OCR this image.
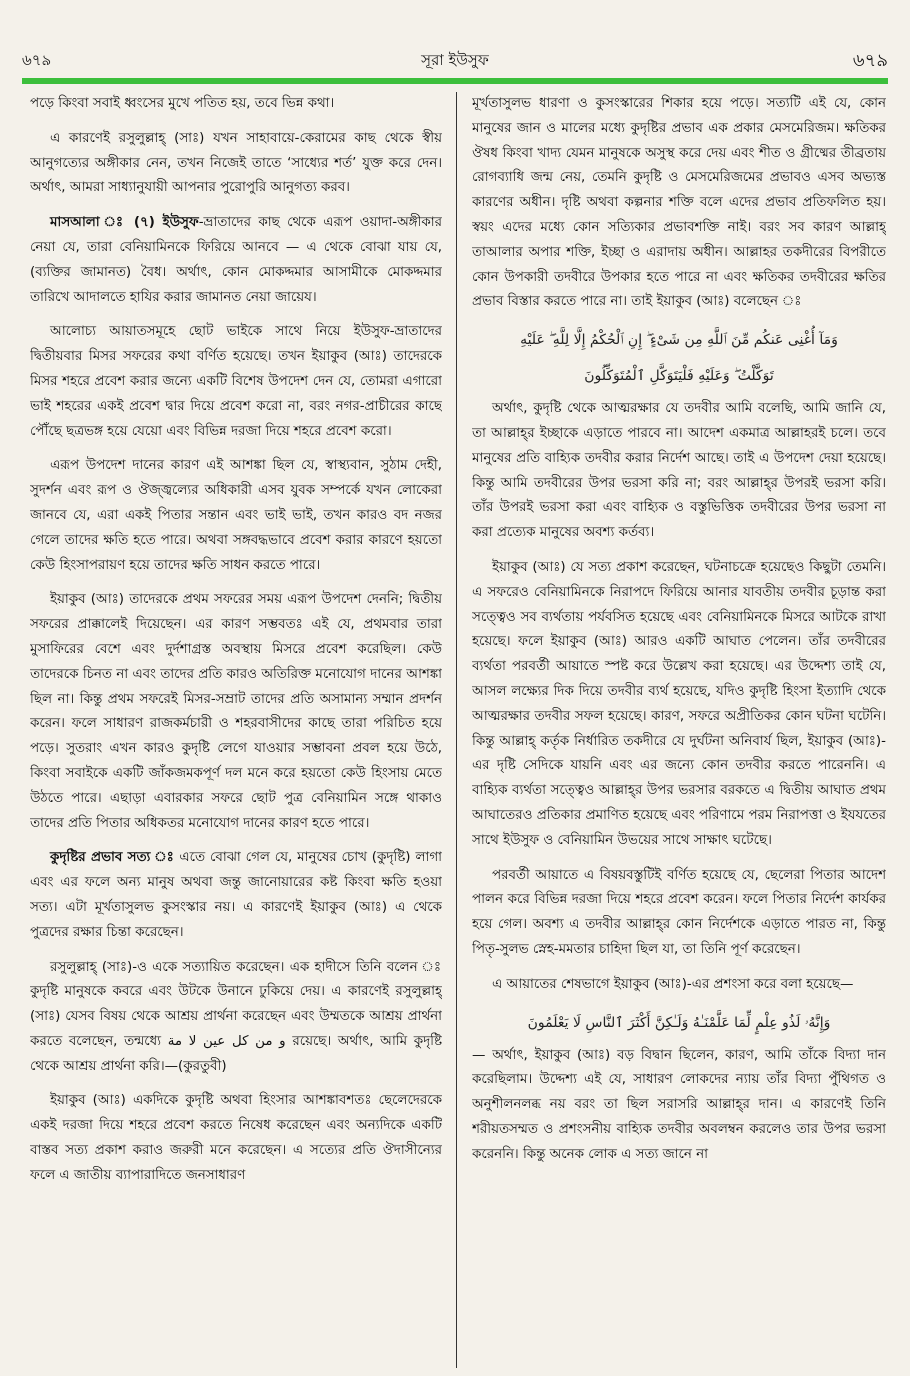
৬৭৯	সূরা ইউসুফ	৬৭৯

পড়ে কিংবা সবাই ধ্বংসের মুখে পতিত হয়, তবে ভিন্ন কথা।

এ কারণেই রসুলুল্লাহ্ (সাঃ) যখন সাহাবায়ে-কেরামের কাছ থেকে স্বীয় আনুগত্যের অঙ্গীকার নেন, তখন নিজেই তাতে ‘সাধ্যের শর্ত’ যুক্ত করে দেন। অর্থাৎ, আমরা সাধ্যানুযায়ী আপনার পুরোপুরি আনুগত্য করব।

মাসআলা ঃ (৭) ইউসুফ-ভ্রাতাদের কাছ থেকে এরূপ ওয়াদা-অঙ্গীকার নেয়া যে, তারা বেনিয়ামিনকে ফিরিয়ে আনবে — এ থেকে বোঝা যায় যে, (ব্যক্তির জামানত) বৈধ। অর্থাৎ, কোন মোকদ্দমার আসামীকে মোকদ্দমার তারিখে আদালতে হাযির করার জামানত নেয়া জায়েয।

আলোচ্য আয়াতসমূহে ছোট ভাইকে সাথে নিয়ে ইউসুফ-ভ্রাতাদের দ্বিতীয়বার মিসর সফরের কথা বর্ণিত হয়েছে। তখন ইয়াকুব (আঃ) তাদেরকে মিসর শহরে প্রবেশ করার জন্যে একটি বিশেষ উপদেশ দেন যে, তোমরা এগারো ভাই শহরের একই প্রবেশ দ্বার দিয়ে প্রবেশ করো না, বরং নগর-প্রাচীরের কাছে পৌঁছে ছত্রভঙ্গ হয়ে যেয়ো এবং বিভিন্ন দরজা দিয়ে শহরে প্রবেশ করো।

এরূপ উপদেশ দানের কারণ এই আশঙ্কা ছিল যে, স্বাস্থ্যবান, সুঠাম দেহী, সুদর্শন এবং রূপ ও ঔজ্জ্বল্যের অধিকারী এসব যুবক সম্পর্কে যখন লোকেরা জানবে যে, এরা একই পিতার সন্তান এবং ভাই ভাই, তখন কারও বদ নজর গেলে তাদের ক্ষতি হতে পারে। অথবা সঙ্গবদ্ধভাবে প্রবেশ করার কারণে হয়তো কেউ হিংসাপরায়ণ হয়ে তাদের ক্ষতি সাধন করতে পারে।

ইয়াকুব (আঃ) তাদেরকে প্রথম সফরের সময় এরূপ উপদেশ দেননি; দ্বিতীয় সফরের প্রাক্কালেই দিয়েছেন। এর কারণ সম্ভবতঃ এই যে, প্রথমবার তারা মুসাফিরের বেশে এবং দুর্দশাগ্রস্ত অবস্থায় মিসরে প্রবেশ করেছিল। কেউ তাদেরকে চিনত না এবং তাদের প্রতি কারও অতিরিক্ত মনোযোগ দানের আশঙ্কা ছিল না। কিন্তু প্রথম সফরেই মিসর-সম্রাট তাদের প্রতি অসামান্য সম্মান প্রদর্শন করেন। ফলে সাধারণ রাজকর্মচারী ও শহরবাসীদের কাছে তারা পরিচিত হয়ে পড়ে। সুতরাং এখন কারও কুদৃষ্টি লেগে যাওয়ার সম্ভাবনা প্রবল হয়ে উঠে, কিংবা সবাইকে একটি জাঁকজমকপূর্ণ দল মনে করে হয়তো কেউ হিংসায় মেতে উঠতে পারে। এছাড়া এবারকার সফরে ছোট পুত্র বেনিয়ামিন সঙ্গে থাকাও তাদের প্রতি পিতার অধিকতর মনোযোগ দানের কারণ হতে পারে।

কুদৃষ্টির প্রভাব সত্য ঃ এতে বোঝা গেল যে, মানুষের চোখ (কুদৃষ্টি) লাগা এবং এর ফলে অন্য মানুষ অথবা জন্তু জানোয়ারের কষ্ট কিংবা ক্ষতি হওয়া সত্য। এটা মূর্খতাসুলভ কুসংস্কার নয়। এ কারণেই ইয়াকুব (আঃ) এ থেকে পুত্রদের রক্ষার চিন্তা করেছেন।

রসুলুল্লাহ্ (সাঃ)-ও একে সত্যায়িত করেছেন। এক হাদীসে তিনি বলেন ঃ কুদৃষ্টি মানুষকে কবরে এবং উটকে উনানে ঢুকিয়ে দেয়। এ কারণেই রসুলুল্লাহ্ (সাঃ) যেসব বিষয় থেকে আশ্রয় প্রার্থনা করেছেন এবং উম্মতকে আশ্রয় প্রার্থনা করতে বলেছেন, তন্মধ্যে و من كل عين لا مة রয়েছে। অর্থাৎ, আমি কুদৃষ্টি থেকে আশ্রয় প্রার্থনা করি।—(কুরতুবী)

ইয়াকুব (আঃ) একদিকে কুদৃষ্টি অথবা হিংসার আশঙ্কাবশতঃ ছেলেদেরকে একই দরজা দিয়ে শহরে প্রবেশ করতে নিষেধ করেছেন এবং অন্যদিকে একটি বাস্তব সত্য প্রকাশ করাও জরুরী মনে করেছেন। এ সত্যের প্রতি ঔদাসীন্যের ফলে এ জাতীয় ব্যাপারাদিতে জনসাধারণ

মূর্খতাসুলভ ধারণা ও কুসংস্কারের শিকার হয়ে পড়ে। সত্যটি এই যে, কোন মানুষের জান ও মালের মধ্যে কুদৃষ্টির প্রভাব এক প্রকার মেসমেরিজম। ক্ষতিকর ঔষধ কিংবা খাদ্য যেমন মানুষকে অসুস্থ করে দেয় এবং শীত ও গ্রীষ্মের তীব্রতায় রোগব্যাধি জন্ম নেয়, তেমনি কুদৃষ্টি ও মেসমেরিজমের প্রভাবও এসব অভ্যস্ত কারণের অধীন। দৃষ্টি অথবা কল্পনার শক্তি বলে এদের প্রভাব প্রতিফলিত হয়। স্বয়ং এদের মধ্যে কোন সত্যিকার প্রভাবশক্তি নাই। বরং সব কারণ আল্লাহ্ তাআলার অপার শক্তি, ইচ্ছা ও এরাদায় অধীন। আল্লাহর তকদীরের বিপরীতে কোন উপকারী তদবীরে উপকার হতে পারে না এবং ক্ষতিকর তদবীরের ক্ষতির প্রভাব বিস্তার করতে পারে না। তাই ইয়াকুব (আঃ) বলেছেন ঃ

وَمَآ أُغْنِى عَنكُم مِّنَ ٱللَّهِ مِن شَىْءٍ ۖ إِنِ ٱلْحُكْمُ إِلَّا لِلَّهِ ۖ عَلَيْهِ
تَوَكَّلْتُ ۖ وَعَلَيْهِ فَلْيَتَوَكَّلِ ٱلْمُتَوَكِّلُونَ

অর্থাৎ, কুদৃষ্টি থেকে আত্মরক্ষার যে তদবীর আমি বলেছি, আমি জানি যে, তা আল্লাহ্‌র ইচ্ছাকে এড়াতে পারবে না। আদেশ একমাত্র আল্লাহরই চলে। তবে মানুষের প্রতি বাহ্যিক তদবীর করার নির্দেশ আছে। তাই এ উপদেশ দেয়া হয়েছে। কিন্তু আমি তদবীরের উপর ভরসা করি না; বরং আল্লাহ্‌র উপরই ভরসা করি। তাঁর উপরই ভরসা করা এবং বাহ্যিক ও বস্তুভিত্তিক তদবীরের উপর ভরসা না করা প্রত্যেক মানুষের অবশ্য কর্তব্য।

ইয়াকুব (আঃ) যে সত্য প্রকাশ করেছেন, ঘটনাচক্রে হয়েছেও কিছুটা তেমনি। এ সফরেও বেনিয়ামিনকে নিরাপদে ফিরিয়ে আনার যাবতীয় তদবীর চূড়ান্ত করা সত্ত্বেও সব ব্যর্থতায় পর্যবসিত হয়েছে এবং বেনিয়ামিনকে মিসরে আটকে রাখা হয়েছে। ফলে ইয়াকুব (আঃ) আরও একটি আঘাত পেলেন। তাঁর তদবীরের ব্যর্থতা পরবর্তী আয়াতে স্পষ্ট করে উল্লেখ করা হয়েছে। এর উদ্দেশ্য তাই যে, আসল লক্ষ্যের দিক দিয়ে তদবীর ব্যর্থ হয়েছে, যদিও কুদৃষ্টি হিংসা ইত্যাদি থেকে আত্মরক্ষার তদবীর সফল হয়েছে। কারণ, সফরে অপ্রীতিকর কোন ঘটনা ঘটেনি। কিন্তু আল্লাহ্ কর্তৃক নির্ধারিত তকদীরে যে দুর্ঘটনা অনিবার্য ছিল, ইয়াকুব (আঃ)-এর দৃষ্টি সেদিকে যায়নি এবং এর জন্যে কোন তদবীর করতে পারেননি। এ বাহ্যিক ব্যর্থতা সত্ত্বেও আল্লাহ্‌র উপর ভরসার বরকতে এ দ্বিতীয় আঘাত প্রথম আঘাতেরও প্রতিকার প্রমাণিত হয়েছে এবং পরিণামে পরম নিরাপত্তা ও ইযযতের সাথে ইউসুফ ও বেনিয়ামিন উভয়ের সাথে সাক্ষাৎ ঘটেছে।

পরবর্তী আয়াতে এ বিষয়বস্তুটিই বর্ণিত হয়েছে যে, ছেলেরা পিতার আদেশ পালন করে বিভিন্ন দরজা দিয়ে শহরে প্রবেশ করেন। ফলে পিতার নির্দেশ কার্যকর হয়ে গেল। অবশ্য এ তদবীর আল্লাহ্‌র কোন নির্দেশকে এড়াতে পারত না, কিন্তু পিতৃ-সুলভ স্নেহ-মমতার চাহিদা ছিল যা, তা তিনি পূর্ণ করেছেন।

এ আয়াতের শেষভাগে ইয়াকুব (আঃ)-এর প্রশংসা করে বলা হয়েছে—

وَإِنَّهُۥ لَذُو عِلْمٍ لِّمَا عَلَّمْنَـٰهُ وَلَـٰكِنَّ أَكْثَرَ ٱلنَّاسِ لَا يَعْلَمُونَ

— অর্থাৎ, ইয়াকুব (আঃ) বড় বিদ্বান ছিলেন, কারণ, আমি তাঁকে বিদ্যা দান করেছিলাম। উদ্দেশ্য এই যে, সাধারণ লোকদের ন্যায় তাঁর বিদ্যা পুঁথিগত ও অনুশীলনলব্ধ নয় বরং তা ছিল সরাসরি আল্লাহ্‌র দান। এ কারণেই তিনি শরীয়তসম্মত ও প্রশংসনীয় বাহ্যিক তদবীর অবলম্বন করলেও তার উপর ভরসা করেননি। কিন্তু অনেক লোক এ সত্য জানে না
